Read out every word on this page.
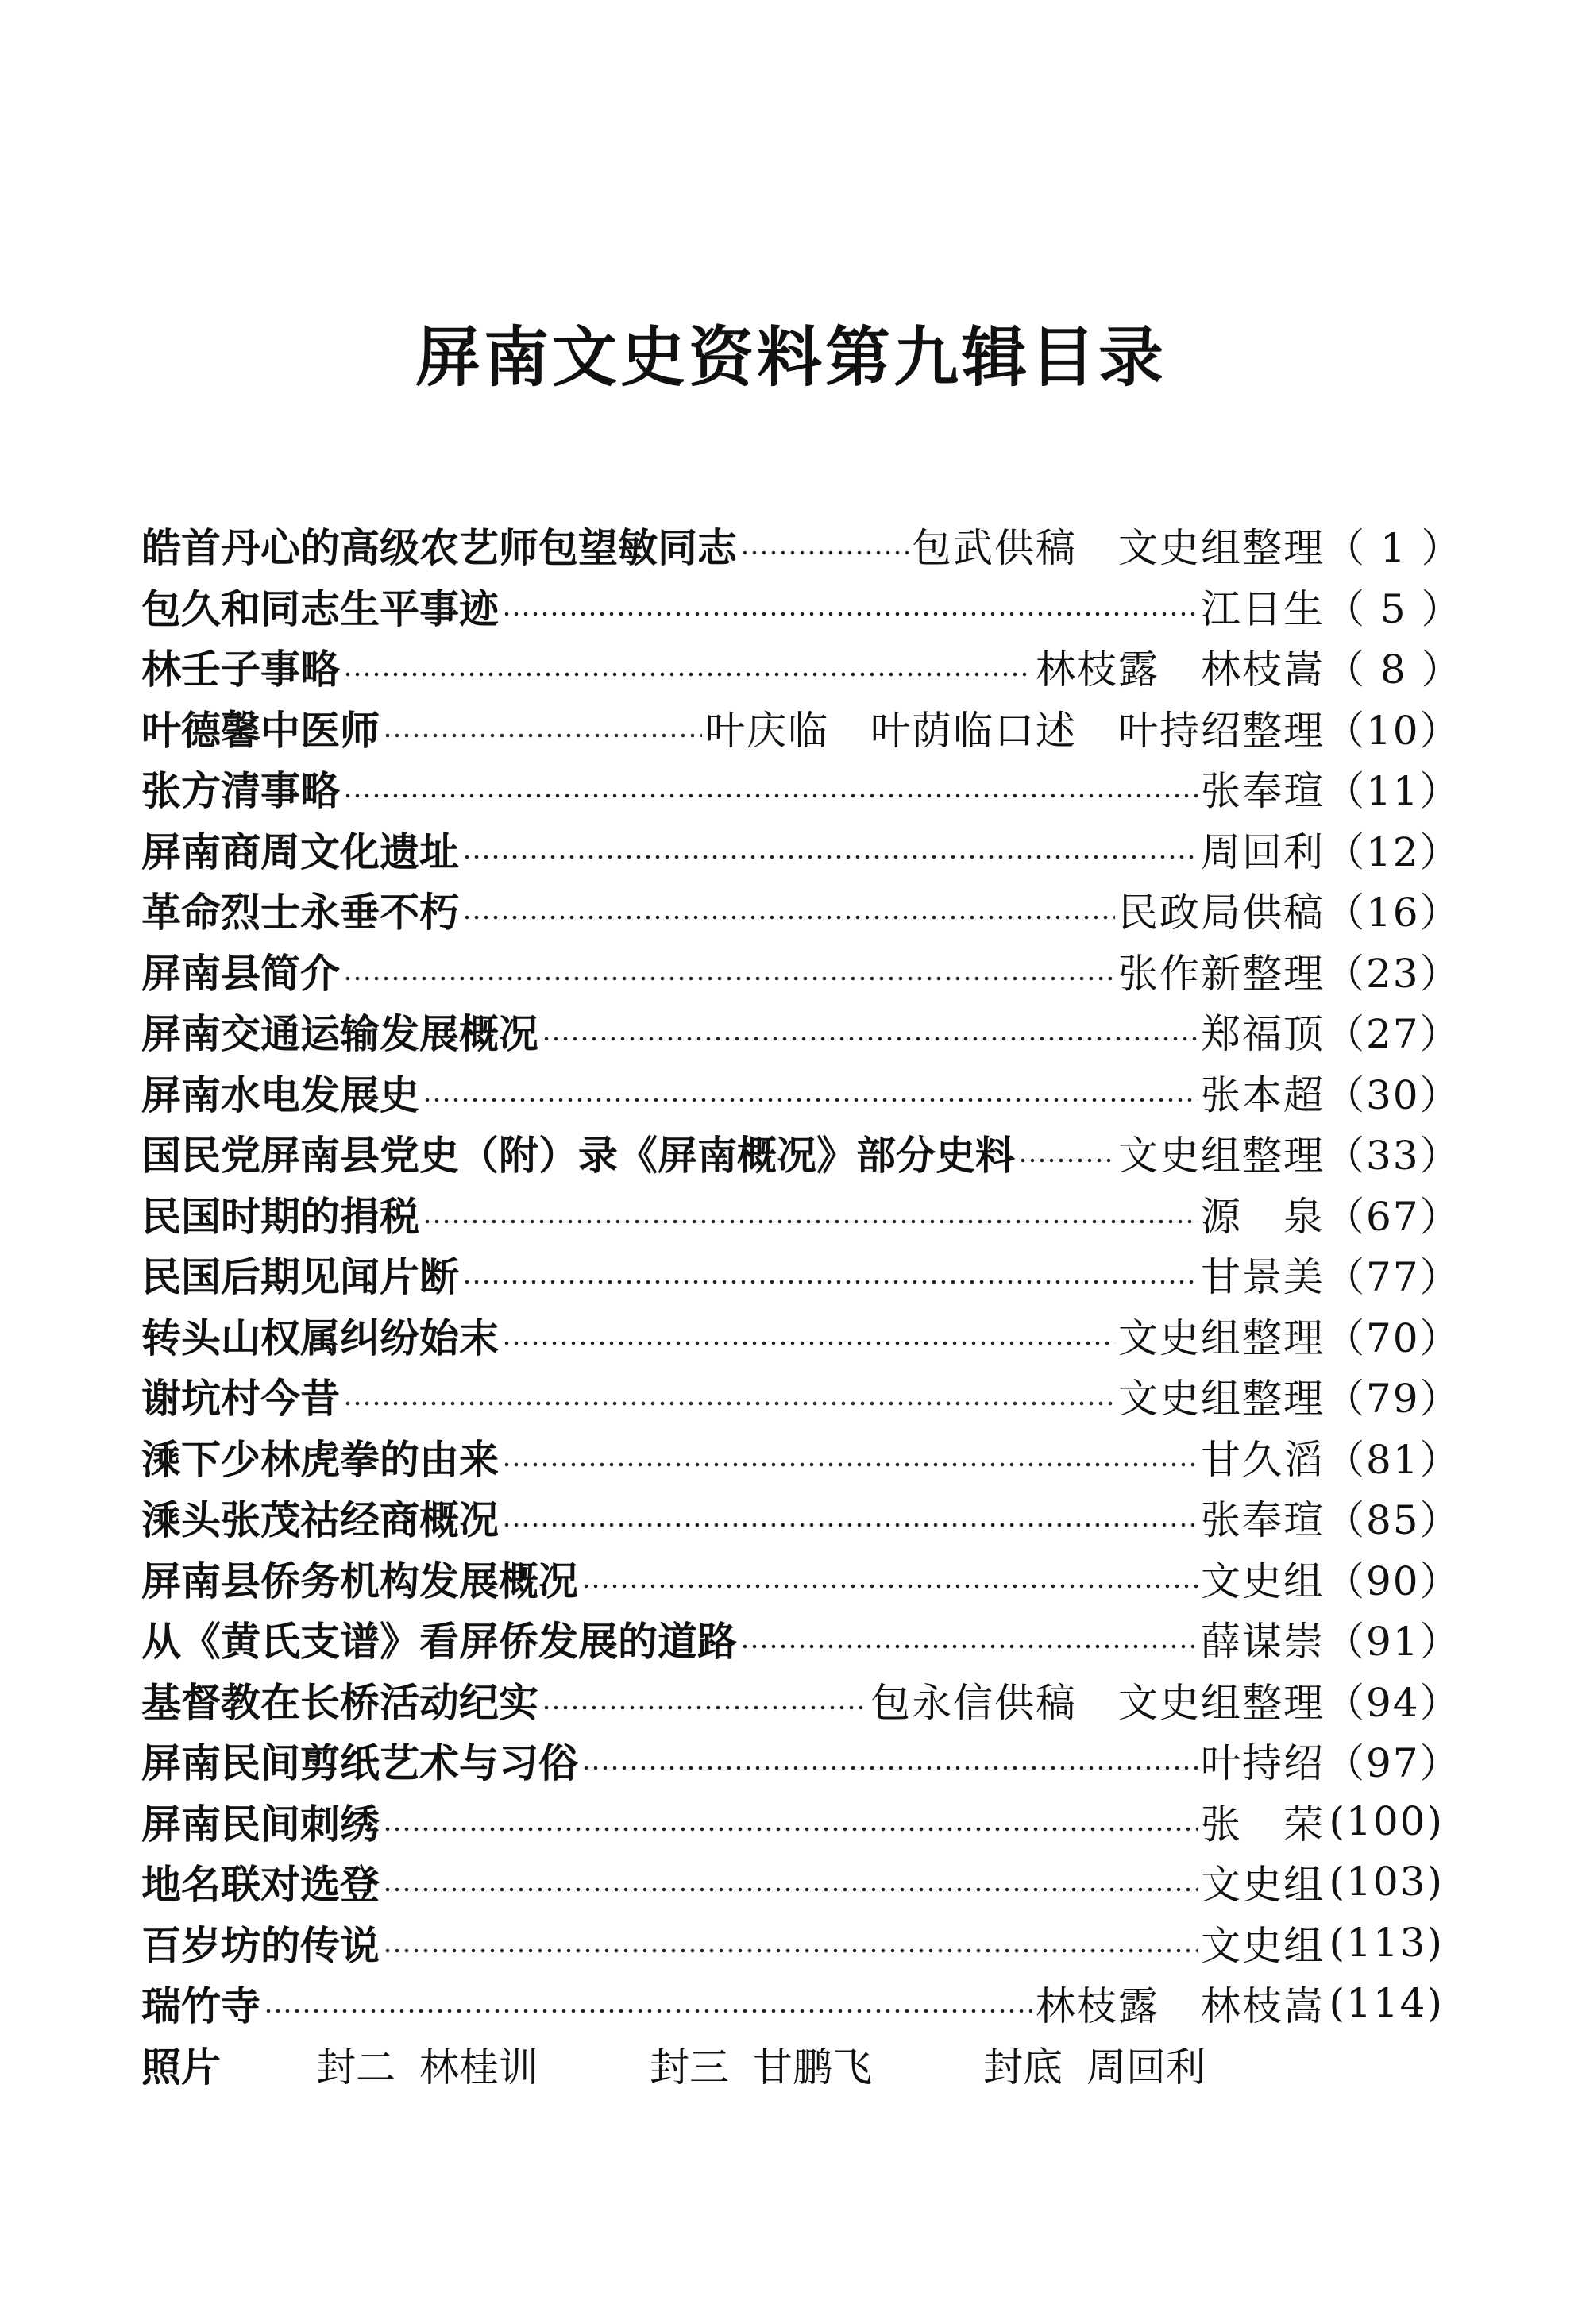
屏南文史资料第九辑目录
皓首丹心的高级农艺师包望敏同志	包武供稿　文史组整理 （ 1 ）
包久和同志生平事迹	江日生 （ 5 ）
林壬子事略	林枝露　林枝嵩 （ 8 ）
叶德馨中医师	叶庆临　叶荫临口述　叶持绍整理 （10）
张方清事略	张奉瑄 （11）
屏南商周文化遗址	周回利 （12）
革命烈士永垂不朽	民政局供稿 （16）
屏南县简介	张作新整理 （23）
屏南交通运输发展概况	郑福顶 （27）
屏南水电发展史	张本超 （30）
国民党屏南县党史（附）录《屏南概况》部分史料	文史组整理 （33）
民国时期的捐税	源　泉 （67）
民国后期见闻片断	甘景美 （77）
转头山权属纠纷始末	文史组整理 （70）
谢坑村今昔	文史组整理 （79）
溗下少林虎拳的由来	甘久滔 （81）
溗头张茂祜经商概况	张奉瑄 （85）
屏南县侨务机构发展概况	文史组 （90）
从《黄氏支谱》看屏侨发展的道路	薛谋崇 （91）
基督教在长桥活动纪实	包永信供稿　文史组整理 （94）
屏南民间剪纸艺术与习俗	叶持绍 （97）
屏南民间刺绣	张　荣 (100)
地名联对选登	文史组 (103)
百岁坊的传说	文史组 (113)
瑞竹寺	林枝露　林枝嵩 (114)
照片	封二 林桂训	封三 甘鹏飞	封底 周回利
